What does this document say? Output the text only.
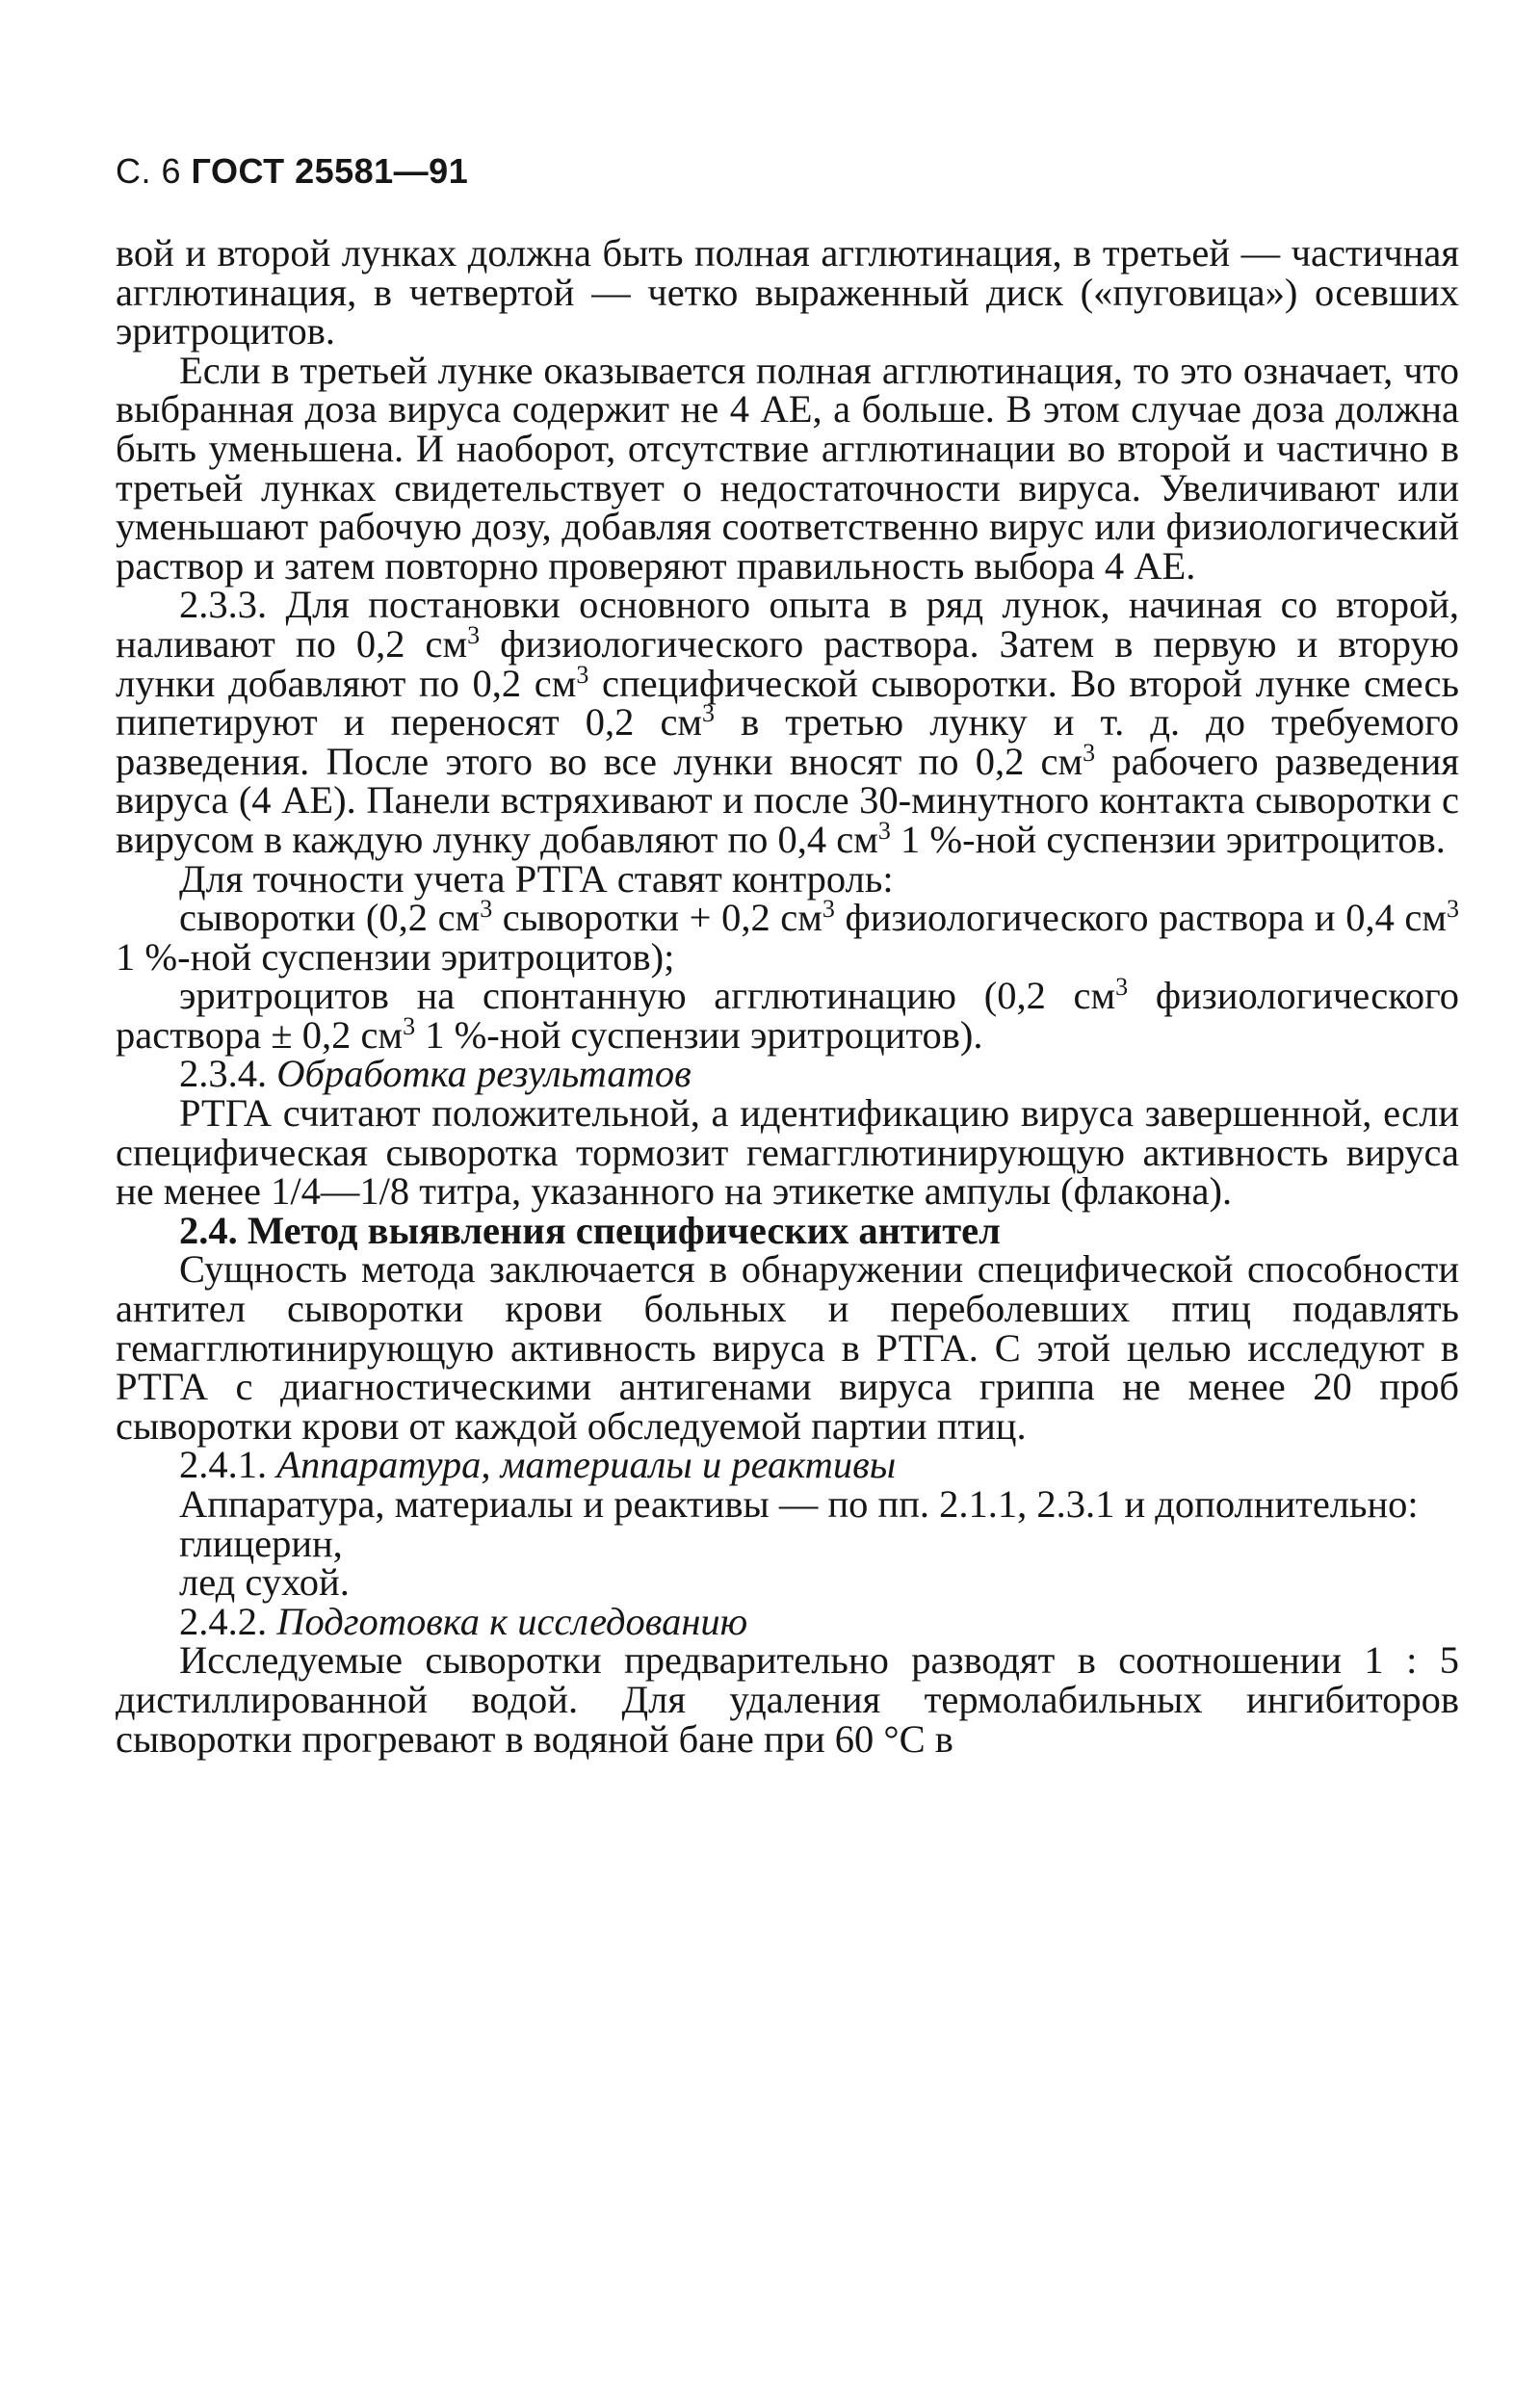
С. 6 ГОСТ 25581—91

вой и второй лунках должна быть полная агглютинация, в третьей — частичная агглютинация, в четвертой — четко выраженный диск («пуговица») осевших эритроцитов.

Если в третьей лунке оказывается полная агглютинация, то это означает, что выбранная доза вируса содержит не 4 АЕ, а больше. В этом случае доза должна быть уменьшена. И наоборот, отсутствие агглютинации во второй и частично в третьей лунках свидетельствует о недостаточности вируса. Увеличивают или уменьшают рабочую дозу, добавляя соответственно вирус или физиологический раствор и затем повторно проверяют правильность выбора 4 АЕ.

2.3.3. Для постановки основного опыта в ряд лунок, начиная со второй, наливают по 0,2 $см^3$ физиологического раствора. Затем в первую и вторую лунки добавляют по 0,2 $см^3$ специфической сыворотки. Во второй лунке смесь пипетируют и переносят 0,2 $см^3$ в третью лунку и т. д. до требуемого разведения. После этого во все лунки вносят по 0,2 $см^3$ рабочего разведения вируса (4 АЕ). Панели встряхивают и после 30-минутного контакта сыворотки с вирусом в каждую лунку добавляют по 0,4 $см^3$ 1 %-ной суспензии эритроцитов.

Для точности учета РТГА ставят контроль:

сыворотки (0,2 $см^3$ сыворотки + 0,2 $см^3$ физиологического раствора и 0,4 $см^3$ 1 %-ной суспензии эритроцитов);

эритроцитов на спонтанную агглютинацию (0,2 $см^3$ физиологического раствора ± 0,2 $см^3$ 1 %-ной суспензии эритроцитов).

2.3.4. Обработка результатов

РТГА считают положительной, а идентификацию вируса завершенной, если специфическая сыворотка тормозит гемагглютинирующую активность вируса не менее 1/4—1/8 титра, указанного на этикетке ампулы (флакона).

2.4. Метод выявления специфических антител

Сущность метода заключается в обнаружении специфической способности антител сыворотки крови больных и переболевших птиц подавлять гемагглютинирующую активность вируса в РТГА. С этой целью исследуют в РТГА с диагностическими антигенами вируса гриппа не менее 20 проб сыворотки крови от каждой обследуемой партии птиц.

2.4.1. Аппаратура, материалы и реактивы

Аппаратура, материалы и реактивы — по пп. 2.1.1, 2.3.1 и дополнительно:

глицерин,

лед сухой.

2.4.2. Подготовка к исследованию

Исследуемые сыворотки предварительно разводят в соотношении 1 : 5 дистиллированной водой. Для удаления термолабильных ингибиторов сыворотки прогревают в водяной бане при 60 °С в
